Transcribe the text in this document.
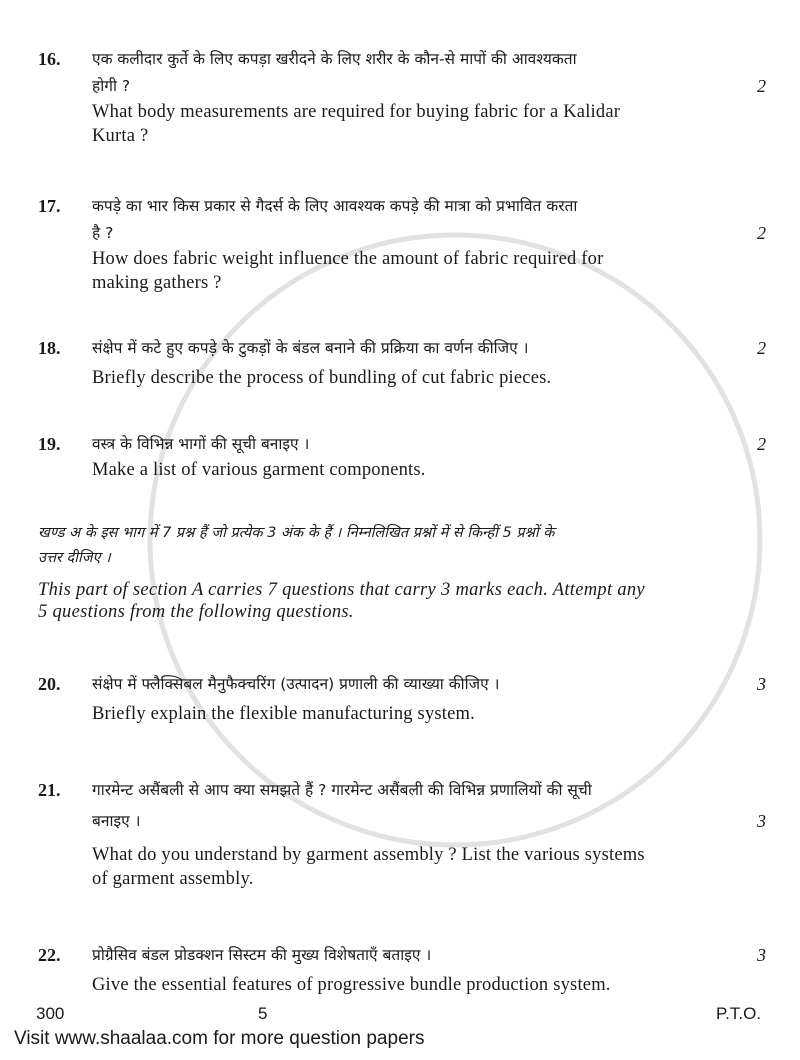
16.	एक कलीदार कुर्ते के लिए कपड़ा खरीदने के लिए शरीर के कौन-से मापों की आवश्यकता
होगी ?	2
What body measurements are required for buying fabric for a Kalidar
Kurta ?
17.	कपड़े का भार किस प्रकार से गैदर्स के लिए आवश्यक कपड़े की मात्रा को प्रभावित करता
है ?	2
How does fabric weight influence the amount of fabric required for
making gathers ?
18.	संक्षेप में कटे हुए कपड़े के टुकड़ों के बंडल बनाने की प्रक्रिया का वर्णन कीजिए ।	2
Briefly describe the process of bundling of cut fabric pieces.
19.	वस्त्र के विभिन्न भागों की सूची बनाइए ।	2
Make a list of various garment components.
खण्ड अ के इस भाग में 7 प्रश्न हैं जो प्रत्येक 3 अंक के हैं । निम्नलिखित प्रश्नों में से किन्हीं 5 प्रश्नों के
उत्तर दीजिए ।
This part of section A carries 7 questions that carry 3 marks each. Attempt any
5 questions from the following questions.
20.	संक्षेप में फ्लैक्सिबल मैनुफैक्चरिंग (उत्पादन) प्रणाली की व्याख्या कीजिए ।	3
Briefly explain the flexible manufacturing system.
21.	गारमेन्ट असैंबली से आप क्या समझते हैं ? गारमेन्ट असैंबली की विभिन्न प्रणालियों की सूची
बनाइए ।	3
What do you understand by garment assembly ? List the various systems
of garment assembly.
22.	प्रोग्रैसिव बंडल प्रोडक्शन सिस्टम की मुख्य विशेषताएँ बताइए ।	3
Give the essential features of progressive bundle production system.
300	5	P.T.O.
Visit www.shaalaa.com for more question papers
